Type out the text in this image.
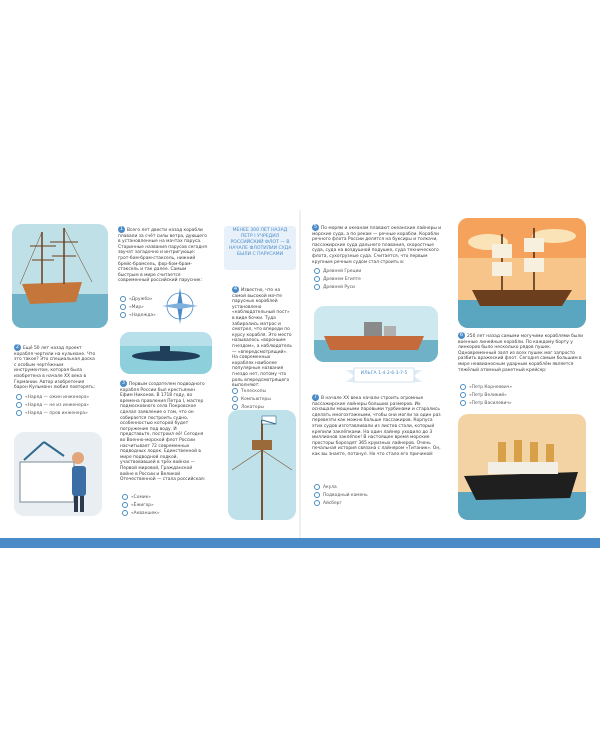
1 Всего лет двести назад корабли плавали за счёт силы ветра, дующего в установленные на мачтах паруса. Старинные названия парусов сегодня звучат загадочно и интригующе: грот-бом-брам-стаксель, нижний брейс-брамсель, фор-бом-брам-стаксель и так далее. Самым быстрым в мире считается современный российский парусник:
«Дружба»
«Мир»
«Надежда»
МЕНЕЕ 300 ЛЕТ НАЗАД ПЕТР I УЧРЕДИЛ РОССИЙСКИЙ ФЛОТ — В НАЧАЛЕ ФЛОТИЛИИ СУДА БЫЛИ С ПАРУСАМИ
2 Ещё 50 лет назад проект корабля чертили на кульмане. Что это такое? Это специальная доска с особым чертёжным инструментом, которая была изобретена в начале XX века в Германии. Автор изобретения барон Кульманн любил повторять:
«Наряд — ожин инженера»
«Наряд — не из инженера»
«Наряд — пров инженера»
3 Первым создателем подводного корабля России был крестьянин Ефим Никонов. В 1718 году, во времена правления Петра I, мастер подмосковного села Покровское сделал заявление о том, что он собирается построить судно, особенностью которой будет погружение под воду. И представьте, построил её! Сегодня во Военно-морской флот России насчитывает 72 современных подводных лодок. Единственной в мире подводной лодкой, участвовавшей в трёх войнах — Первой мировой, Гражданской войне в России и Великой Отечественной — стала российская:
«Сомик»
«Ёжигор»
«Акваншек»
4 Известно, что на самой высокой мачте парусных кораблей установлено «наблюдательный пост» в виде бочки. Туда забирались матрос и смотрел, что впереди по курсу корабля. Это место называлось «вороньим гнездом», а наблюдатель — «впередсмотрящий». На современных кораблях наиболее популярные названия гнездо нет, потому что роль впередсмотрящего выполняют:
Телескопы
Компьютеры
Локаторы
5 По морям и океанам плавают океанские лайнеры и морские суда, а по рекам — речные корабли. Корабли речного флота России делятся на буксиры и толкачи, пассажирские суда дальнего плавания, скоростные суда, суда на воздушной подушке, суда технического флота, сухогрузные суда. Считается, что первым крупным речным судом стал строить в:
Древней Греции
Древнем Египте
Древней Руси
ИЛЬГА 1·4·2·6·3·7·5
7 В начале XX века начали строить огромные пассажирские лайнеры больших размеров. Их оснащали мощными паровыми турбинами и старались сделать многоэтажными, чтобы они могли за один раз перевезти как можно больше пассажиров. Корпуса этих судов изготавливали из листов стали, который крепили заклёпками. На один лайнер уходило до 3 миллионов заклёпок! В настоящее время морские просторы бороздят 365 круизных лайнеров. Очень печальная история связана с лайнером «Титаник». Он, как вы знаете, потонул. Но что стало его причиной:
Акула
Подводный камень
Айсберг
6 250 лет назад самыми могучими кораблями были военные линейные корабли. По каждому борту у линкоров было несколько рядов пушек. Одновременный залп из всех пушек мог запросто разбить вражеский флот. Сегодня самым большим в мире неавианосным ударным кораблём является тяжёлый атомный ракетный крейсер:
«Петр Корнеевич»
«Петр Великий»
«Петр Василевич»
